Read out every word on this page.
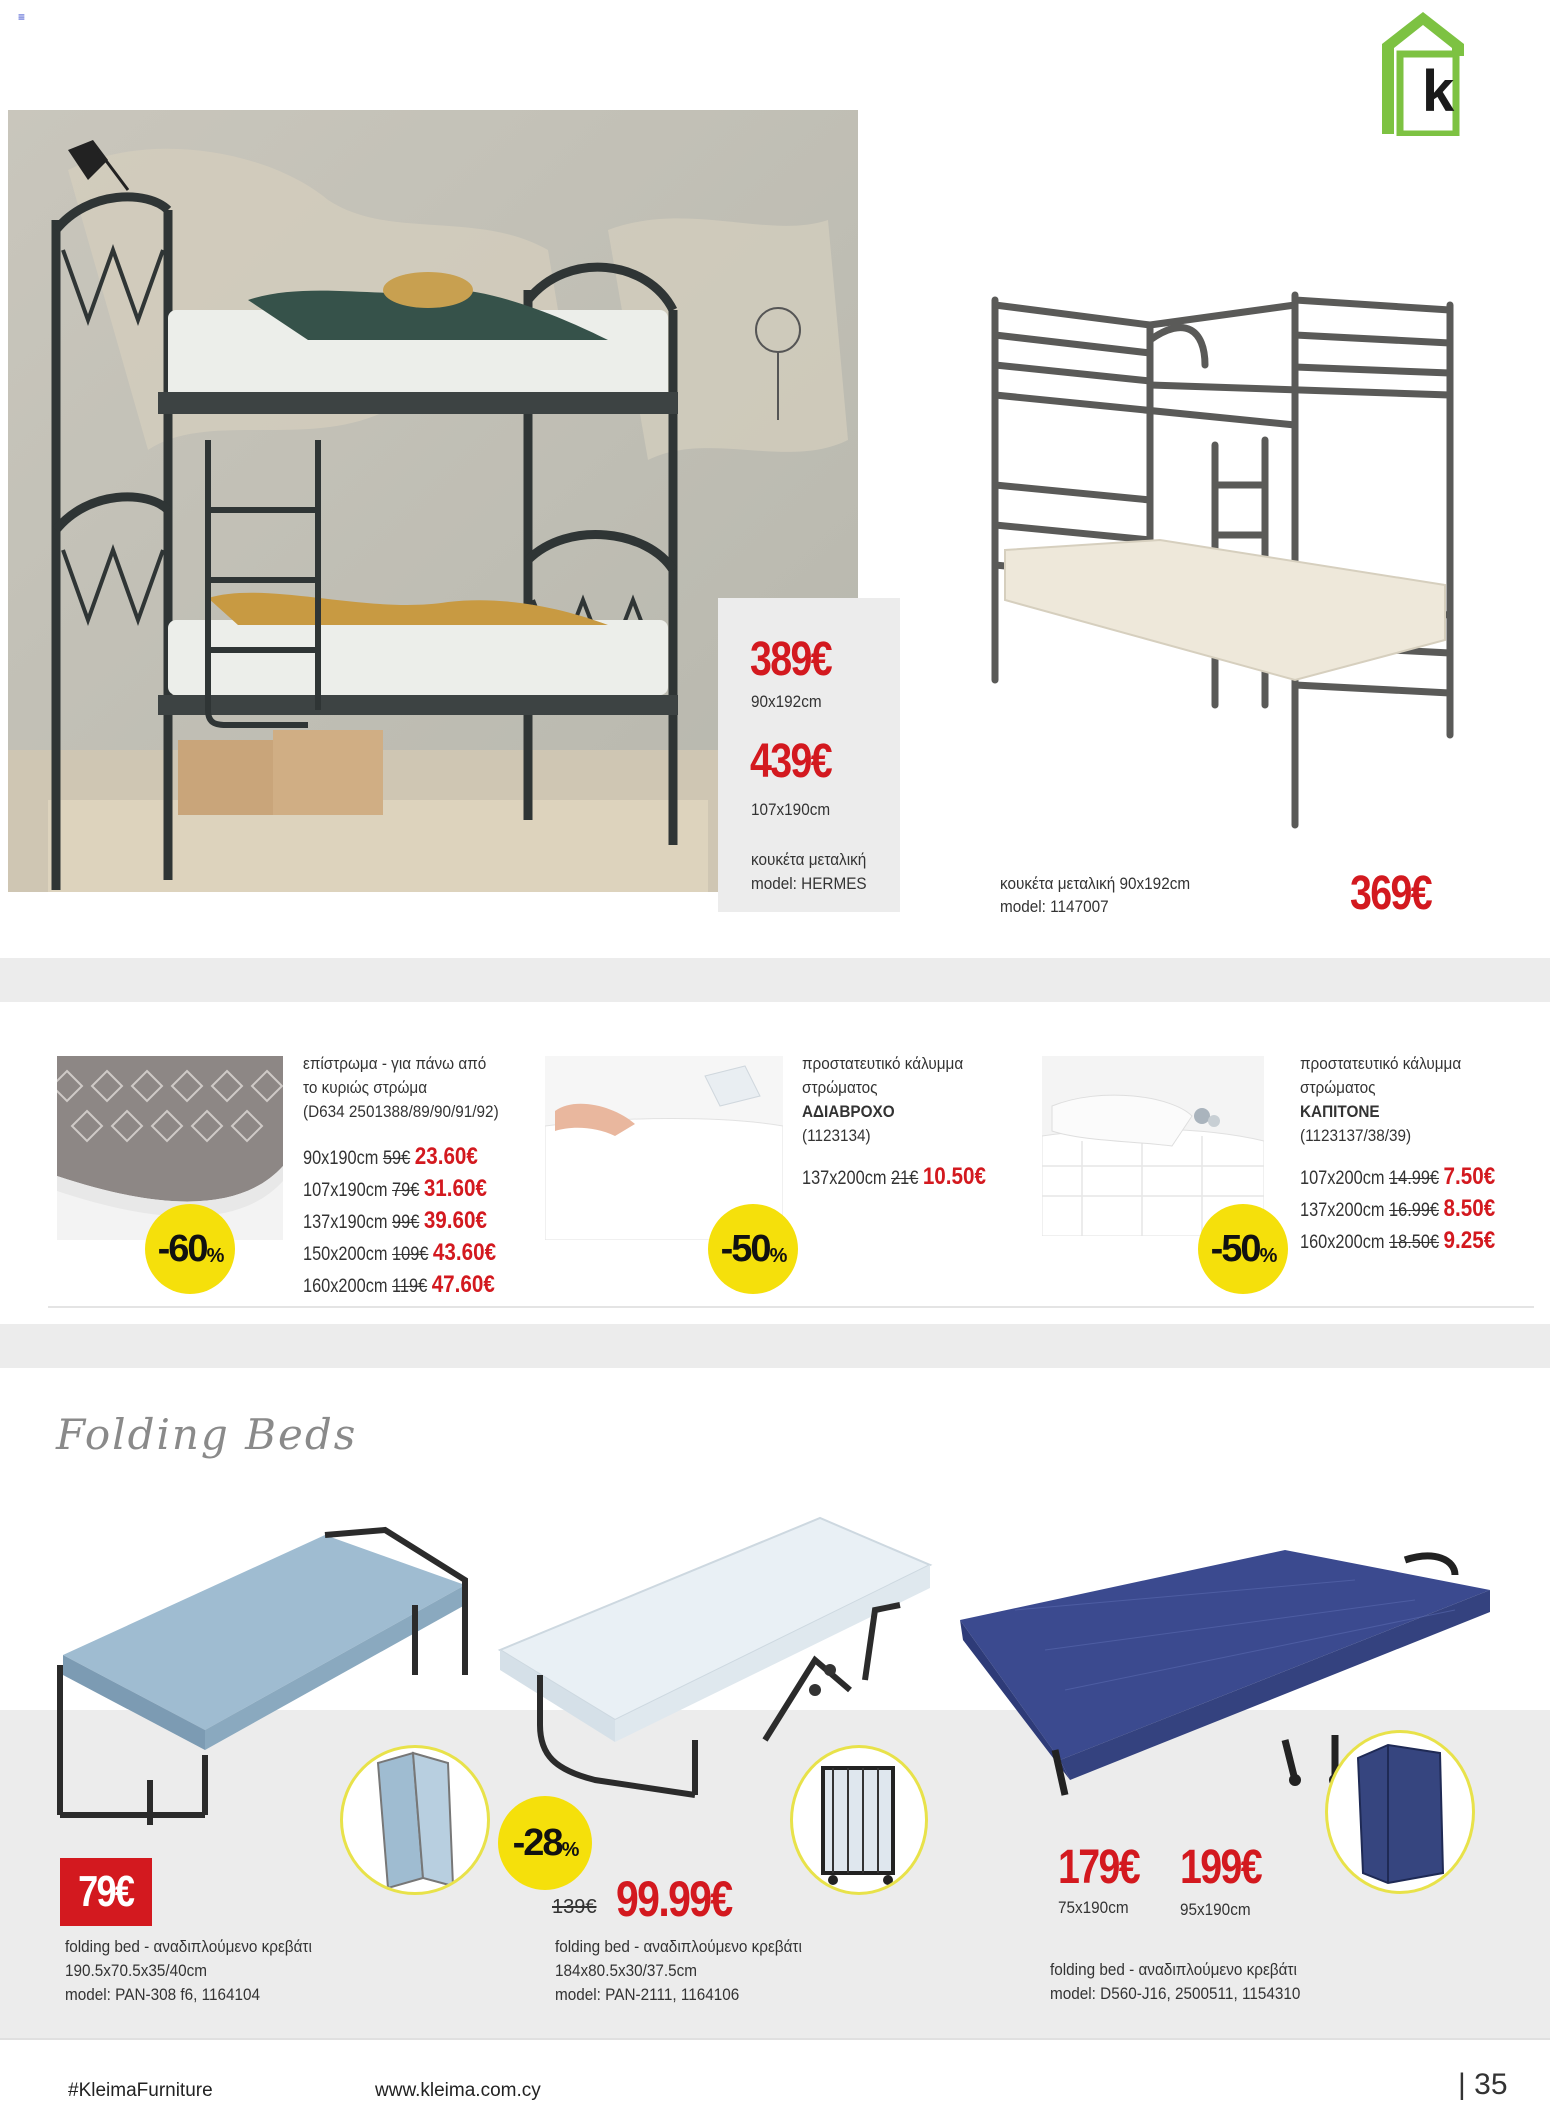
≡
k
389€
90x192cm
439€
107x190cm
κουκέτα μεταλική
model: HERMES	κουκέτα μεταλική 90x192cm
model: 1147007	369€
-60 %
επίστρωμα - για πάνω από
το κυριώς στρώμα
(D634 2501388/89/90/91/92)
90x190cm 59€ 23.60€
107x190cm 79€ 31.60€
137x190cm 99€ 39.60€
150x200cm 109€ 43.60€
160x200cm 119€ 47.60€
-50 %
προστατευτικό κάλυμμα
στρώματος
ΑΔΙΑΒΡΟΧΟ
(1123134)
137x200cm 21€ 10.50€
-50 %
προστατευτικό κάλυμμα
στρώματος
ΚΑΠΙΤΟΝΕ
(1123137/38/39)
107x200cm 14.99€ 7.50€
137x200cm 16.99€ 8.50€
160x200cm 18.50€ 9.25€
Folding Beds
79€
folding bed - αναδιπλούμενο κρεβάτι
190.5x70.5x35/40cm
model: PAN-308 f6, 1164104
-28 %
139€ 99.99€
folding bed - αναδιπλούμενο κρεβάτι
184x80.5x30/37.5cm
model: PAN-2111, 1164106
179€
75x190cm
199€
95x190cm
folding bed - αναδιπλούμενο κρεβάτι
model: D560-J16, 2500511, 1154310
#KleimaFurniture	www.kleima.com.cy	| 35
